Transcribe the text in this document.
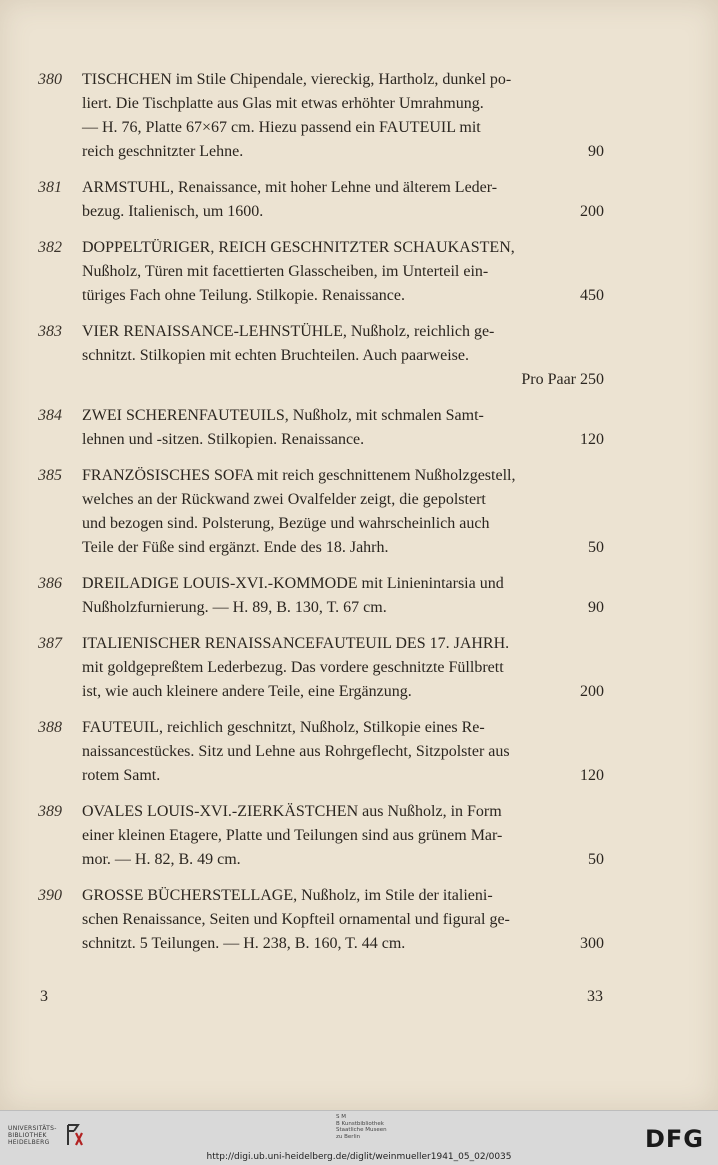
380	TISCHCHEN im Stile Chipendale, viereckig, Hartholz, dunkel po-
liert. Die Tischplatte aus Glas mit etwas erhöhter Umrahmung.
— H. 76, Platte 67×67 cm. Hiezu passend ein FAUTEUIL mit
reich geschnitzter Lehne.	90
381	ARMSTUHL, Renaissance, mit hoher Lehne und älterem Leder-
bezug. Italienisch, um 1600.	200
382	DOPPELTÜRIGER, REICH GESCHNITZTER SCHAUKASTEN,
Nußholz, Türen mit facettierten Glasscheiben, im Unterteil ein-
türiges Fach ohne Teilung. Stilkopie. Renaissance.	450
383	VIER RENAISSANCE-LEHNSTÜHLE, Nußholz, reichlich ge-
schnitzt. Stilkopien mit echten Bruchteilen. Auch paarweise.
Pro Paar 250
384	ZWEI SCHERENFAUTEUILS, Nußholz, mit schmalen Samt-
lehnen und -sitzen. Stilkopien. Renaissance.	120
385	FRANZÖSISCHES SOFA mit reich geschnittenem Nußholzgestell,
welches an der Rückwand zwei Ovalfelder zeigt, die gepolstert
und bezogen sind. Polsterung, Bezüge und wahrscheinlich auch
Teile der Füße sind ergänzt. Ende des 18. Jahrh.	50
386	DREILADIGE LOUIS-XVI.-KOMMODE mit Linienintarsia und
Nußholzfurnierung. — H. 89, B. 130, T. 67 cm.	90
387	ITALIENISCHER RENAISSANCEFAUTEUIL DES 17. JAHRH.
mit goldgepreßtem Lederbezug. Das vordere geschnitzte Füllbrett
ist, wie auch kleinere andere Teile, eine Ergänzung.	200
388	FAUTEUIL, reichlich geschnitzt, Nußholz, Stilkopie eines Re-
naissancestückes. Sitz und Lehne aus Rohrgeflecht, Sitzpolster aus
rotem Samt.	120
389	OVALES LOUIS-XVI.-ZIERKÄSTCHEN aus Nußholz, in Form
einer kleinen Etagere, Platte und Teilungen sind aus grünem Mar-
mor. — H. 82, B. 49 cm.	50
390	GROSSE BÜCHERSTELLAGE, Nußholz, im Stile der italieni-
schen Renaissance, Seiten und Kopfteil ornamental und figural ge-
schnitzt. 5 Teilungen. — H. 238, B. 160, T. 44 cm.	300
3	33
UNIVERSITÄTS-
BIBLIOTHEK
HEIDELBERG
S M
B Kunstbibliothek
Staatliche Museen
zu Berlin	DFG
http://digi.ub.uni-heidelberg.de/diglit/weinmueller1941_05_02/0035
